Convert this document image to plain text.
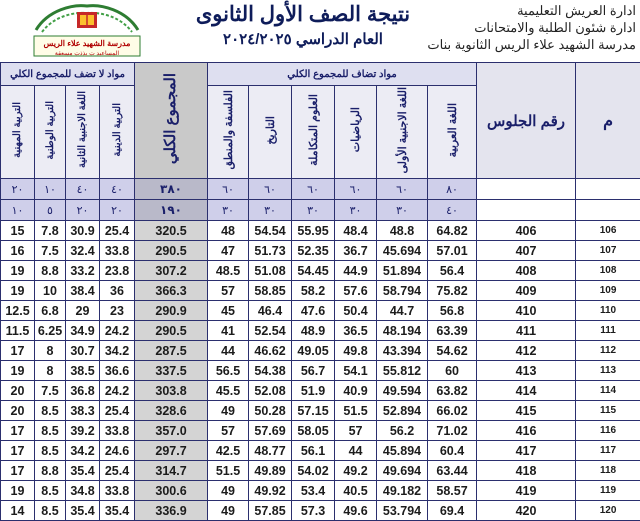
ادارة العريش التعليمية
ادارة شئون الطلبة والامتحانات
مدرسة الشهيد علاء الريس الثانوية بنات
نتيجة الصف الأول الثانوى
العام الدراسي ٢٠٢٤/٢٠٢٥
مدرسة الشهيد علاء الريس
المساعيد ت يذذت مسعقة
مواد لا تضف للمجموع الكلي				المجموع الكلي	مواد تضاف للمجموع الكلي						رقم الجلوس	م
التربية المهنية	التربية الوطنية	اللغة الاجنبية الثانية	التربية الدينية		الفلسفة والمنطق	التاريخ	العلوم المتكاملة	الرياضيات	اللغة الاجنبية الأولى	اللغة العربية		
٢٠	١٠	٤٠	٤٠	٣٨٠	٦٠	٦٠	٦٠	٦٠	٦٠	٨٠		
١٠	٥	٢٠	٢٠	١٩٠	٣٠	٣٠	٣٠	٣٠	٣٠	٤٠		
15	7.8	30.9	25.4	320.5	48	54.54	55.95	48.4	48.8	64.82	406	106
16	7.5	32.4	33.8	290.5	47	51.73	52.35	36.7	45.694	57.01	407	107
19	8.8	33.2	23.8	307.2	48.5	51.08	54.45	44.9	51.894	56.4	408	108
19	10	38.4	36	366.3	57	58.85	58.2	57.6	58.794	75.82	409	109
12.5	6.8	29	23	290.9	45	46.4	47.6	50.4	44.7	56.8	410	110
11.5	6.25	34.9	24.2	290.5	41	52.54	48.9	36.5	48.194	63.39	411	111
17	8	30.7	34.2	287.5	44	46.62	49.05	49.8	43.394	54.62	412	112
19	8	38.5	36.6	337.5	56.5	54.38	56.7	54.1	55.812	60	413	113
20	7.5	36.8	24.2	303.8	45.5	52.08	51.9	40.9	49.594	63.82	414	114
20	8.5	38.3	25.4	328.6	49	50.28	57.15	51.5	52.894	66.02	415	115
17	8.5	39.2	33.8	357.0	57	57.69	58.05	57	56.2	71.02	416	116
17	8.5	34.2	24.6	297.7	42.5	48.77	56.1	44	45.894	60.4	417	117
17	8.8	35.4	25.4	314.7	51.5	49.89	54.02	49.2	49.694	63.44	418	118
19	8.5	34.8	33.8	300.6	49	49.92	53.4	40.5	49.182	58.57	419	119
14	8.5	35.4	35.4	336.9	49	57.85	57.3	49.6	53.794	69.4	420	120
